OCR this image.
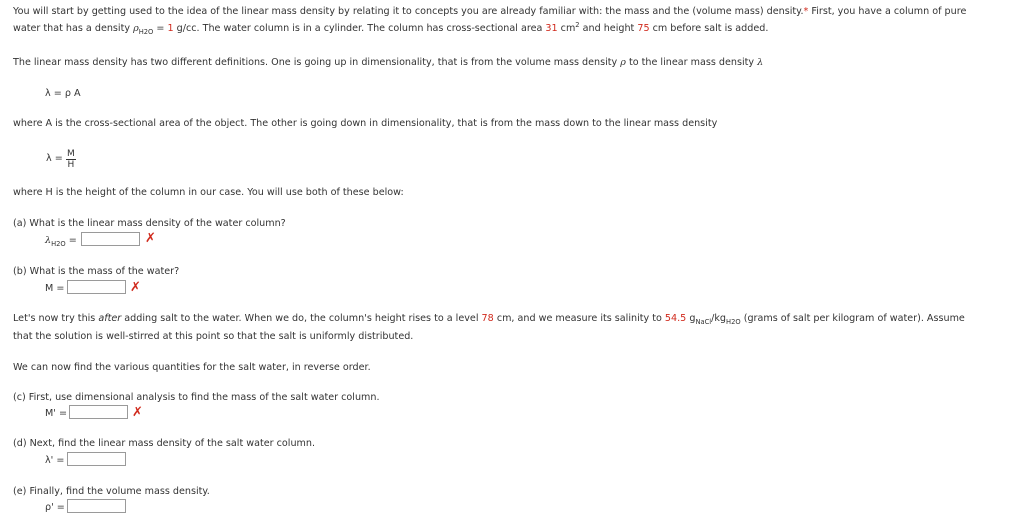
You will start by getting used to the idea of the linear mass density by relating it to concepts you are already familiar with: the mass and the (volume mass) density.* First, you have a column of pure
water that has a density $\rho_{H2O} = 1$ g/cc. The water column is in a cylinder. The column has cross-sectional area 31 $cm^2$ and height 75 cm before salt is added.
The linear mass density has two different definitions. One is going up in dimensionality, that is from the volume mass density ρ to the linear mass density λ
λ = ρ A
where A is the cross-sectional area of the object. The other is going down in dimensionality, that is from the mass down to the linear mass density
$\lambda = \frac{M}{H}$
where H is the height of the column in our case. You will use both of these below:
(a) What is the linear mass density of the water column?
$\lambda_{H2O}$ =	✗
(b) What is the mass of the water?
M =	✗
Let's now try this after adding salt to the water. When we do, the column's height rises to a level 78 cm, and we measure its salinity to 54.5 $g_{NaCl}/kg_{H2O}$ (grams of salt per kilogram of water). Assume
that the solution is well-stirred at this point so that the salt is uniformly distributed.
We can now find the various quantities for the salt water, in reverse order.
(c) First, use dimensional analysis to find the mass of the salt water column.
M' =	✗
(d) Next, find the linear mass density of the salt water column.
λ' =
(e) Finally, find the volume mass density.
ρ' =
